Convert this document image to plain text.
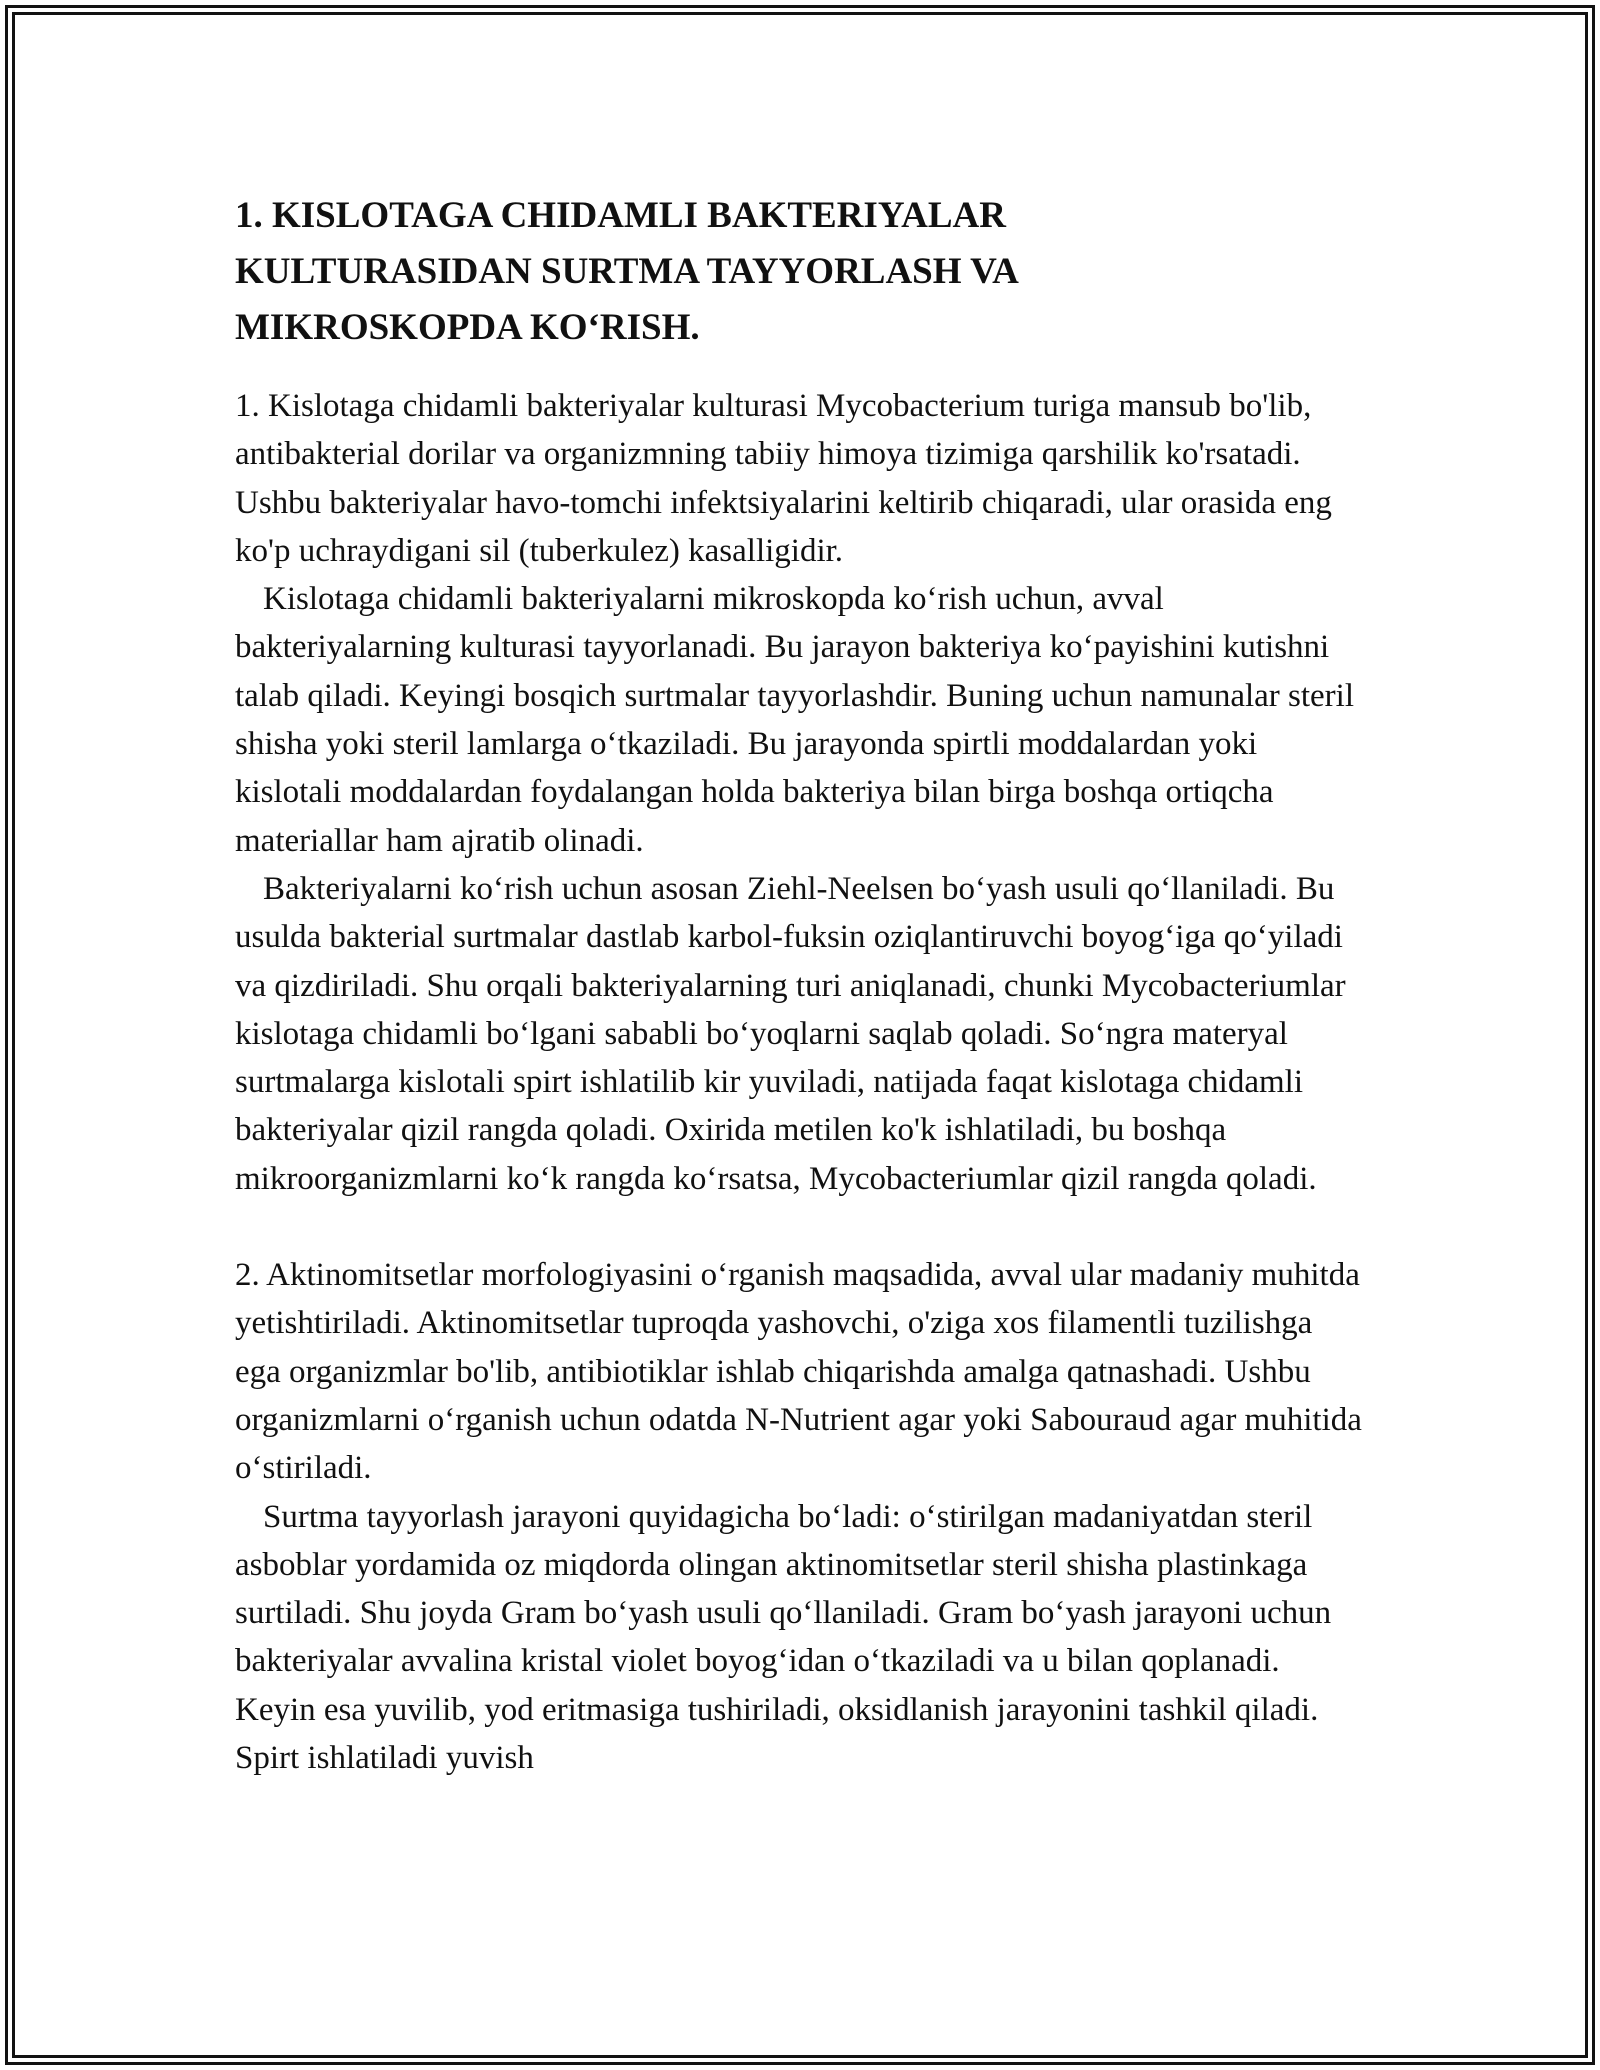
1. KISLOTAGA CHIDAMLI BAKTERIYALAR
KULTURASIDAN SURTMA TAYYORLASH VA
MIKROSKOPDA KO‘RISH.

1. Kislotaga chidamli bakteriyalar kulturasi Mycobacterium turiga mansub bo'lib, antibakterial dorilar va organizmning tabiiy himoya tizimiga qarshilik ko'rsatadi. Ushbu bakteriyalar havo-tomchi infektsiyalarini keltirib chiqaradi, ular orasida eng ko'p uchraydigani sil (tuberkulez) kasalligidir.

Kislotaga chidamli bakteriyalarni mikroskopda ko‘rish uchun, avval bakteriyalarning kulturasi tayyorlanadi. Bu jarayon bakteriya ko‘payishini kutishni talab qiladi. Keyingi bosqich surtmalar tayyorlashdir. Buning uchun namunalar steril shisha yoki steril lamlarga o‘tkaziladi. Bu jarayonda spirtli moddalardan yoki kislotali moddalardan foydalangan holda bakteriya bilan birga boshqa ortiqcha materiallar ham ajratib olinadi.

Bakteriyalarni ko‘rish uchun asosan Ziehl-Neelsen bo‘yash usuli qo‘llaniladi. Bu usulda bakterial surtmalar dastlab karbol-fuksin oziqlantiruvchi boyog‘iga qo‘yiladi va qizdiriladi. Shu orqali bakteriyalarning turi aniqlanadi, chunki Mycobacteriumlar kislotaga chidamli bo‘lgani sababli bo‘yoqlarni saqlab qoladi. So‘ngra materyal surtmalarga kislotali spirt ishlatilib kir yuviladi, natijada faqat kislotaga chidamli bakteriyalar qizil rangda qoladi. Oxirida metilen ko'k ishlatiladi, bu boshqa mikroorganizmlarni ko‘k rangda ko‘rsatsa, Mycobacteriumlar qizil rangda qoladi.

2. Aktinomitsetlar morfologiyasini o‘rganish maqsadida, avval ular madaniy muhitda yetishtiriladi. Aktinomitsetlar tuproqda yashovchi, o'ziga xos filamentli tuzilishga ega organizmlar bo'lib, antibiotiklar ishlab chiqarishda amalga qatnashadi. Ushbu organizmlarni o‘rganish uchun odatda N-Nutrient agar yoki Sabouraud agar muhitida o‘stiriladi.

Surtma tayyorlash jarayoni quyidagicha bo‘ladi: o‘stirilgan madaniyatdan steril asboblar yordamida oz miqdorda olingan aktinomitsetlar steril shisha plastinkaga surtiladi. Shu joyda Gram bo‘yash usuli qo‘llaniladi. Gram bo‘yash jarayoni uchun bakteriyalar avvalina kristal violet boyog‘idan o‘tkaziladi va u bilan qoplanadi. Keyin esa yuvilib, yod eritmasiga tushiriladi, oksidlanish jarayonini tashkil qiladi. Spirt ishlatiladi yuvish
